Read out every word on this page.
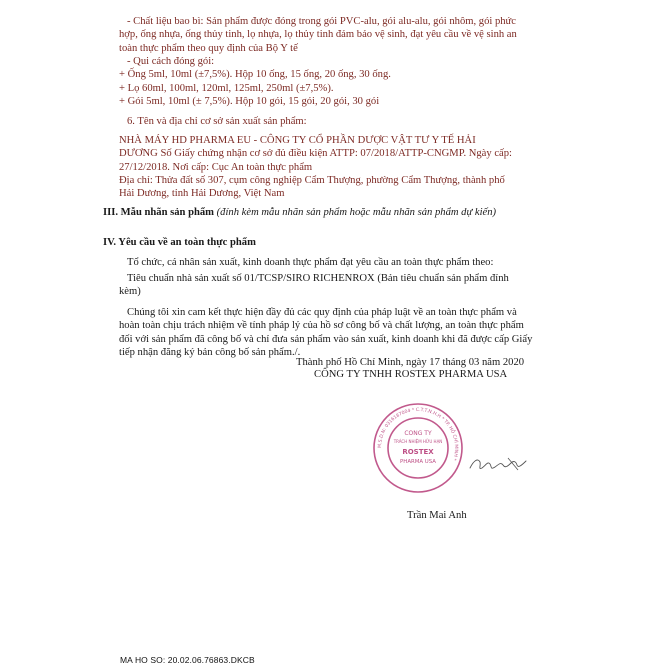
- Chất liệu bao bì: Sản phẩm được đóng trong gói PVC-alu, gói alu-alu, gói nhôm, gói phức
hợp, ống nhựa, ống thủy tinh, lọ nhựa, lọ thủy tinh đảm bảo vệ sinh, đạt yêu cầu về vệ sinh an
toàn thực phẩm theo quy định của Bộ Y tế
- Qui cách đóng gói:
+ Ống 5ml, 10ml (±7,5%). Hộp 10 ống, 15 ống, 20 ống, 30 ống.
+ Lọ 60ml, 100ml, 120ml, 125ml, 250ml (±7,5%).
+ Gói 5ml, 10ml (± 7,5%). Hộp 10 gói, 15 gói, 20 gói, 30 gói
6. Tên và địa chỉ cơ sở sản xuất sản phẩm:
NHÀ MÁY HD PHARMA EU - CÔNG TY CỔ PHẦN DƯỢC VẬT TƯ Y TẾ HẢI
DƯƠNG Số Giấy chứng nhận cơ sở đủ điều kiện ATTP: 07/2018/ATTP-CNGMP. Ngày cấp:
27/12/2018. Nơi cấp: Cục An toàn thực phẩm
Địa chỉ: Thửa đất số 307, cụm công nghiệp Cẩm Thượng, phường Cẩm Thượng, thành phố
Hải Dương, tỉnh Hải Dương, Việt Nam
III. Mẫu nhãn sản phẩm (đính kèm mẫu nhãn sản phẩm hoặc mẫu nhãn sản phẩm dự kiến)
IV. Yêu cầu về an toàn thực phẩm
Tổ chức, cá nhân sản xuất, kinh doanh thực phẩm đạt yêu cầu an toàn thực phẩm theo:
Tiêu chuẩn nhà sản xuất số 01/TCSP/SIRO RICHENROX (Bản tiêu chuẩn sản phẩm đính
kèm)
Chúng tôi xin cam kết thực hiện đầy đủ các quy định của pháp luật về an toàn thực phẩm và
hoàn toàn chịu trách nhiệm về tính pháp lý của hồ sơ công bố và chất lượng, an toàn thực phẩm
đối với sản phẩm đã công bố và chỉ đưa sản phẩm vào sản xuất, kinh doanh khi đã được cấp Giấy
tiếp nhận đăng ký bản công bố sản phẩm./.
Thành phố Hồ Chí Minh, ngày 17 tháng 03 năm 2020
CÔNG TY TNHH ROSTEX PHARMA USA
M.S.D.N: 0316187004 * C.T.T.N.H.H * TP. HỒ CHÍ MINH *
CÔNG TY
TRÁCH NHIỆM HỮU HẠN
ROSTEX
PHARMA USA
Trần Mai Anh
MA HO SO: 20.02.06.76863.DKCB
